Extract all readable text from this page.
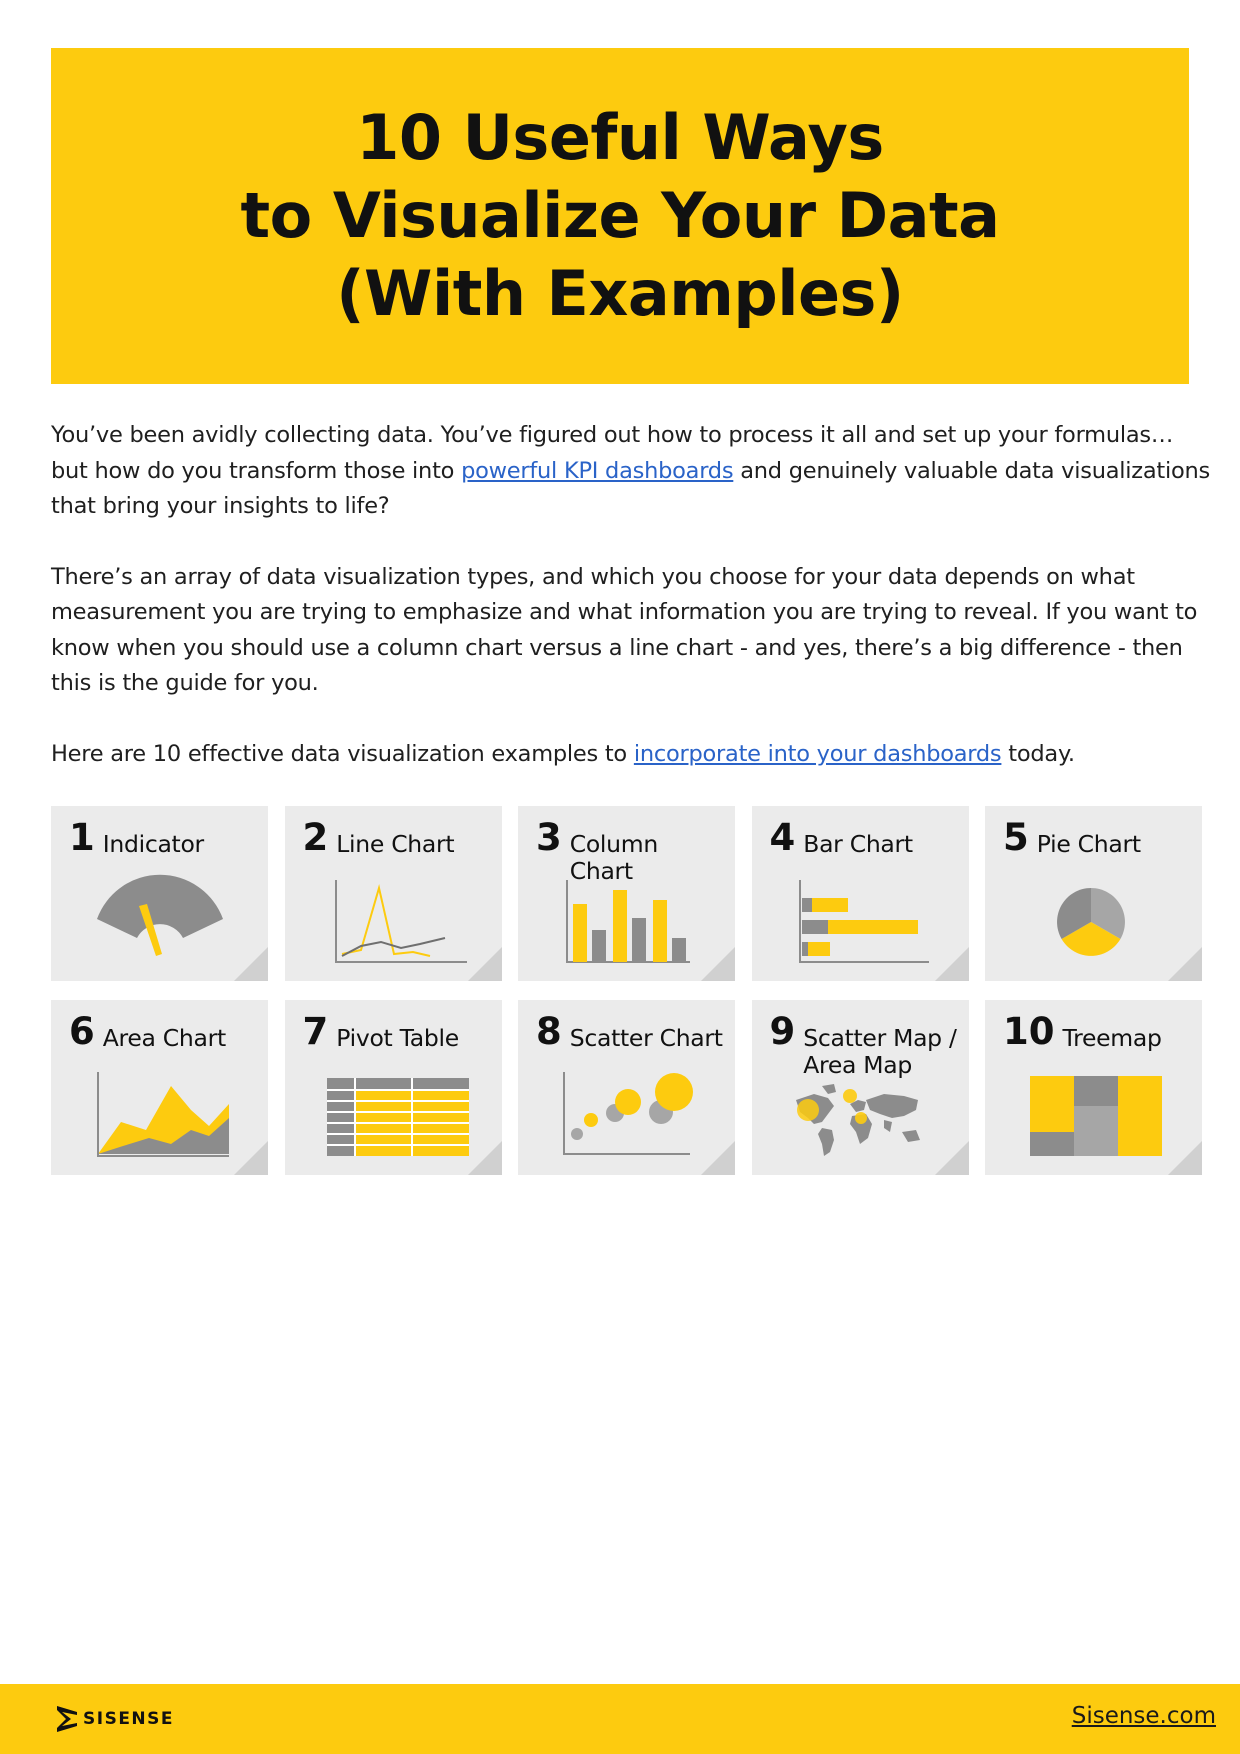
10 Useful Ways
to Visualize Your Data
(With Examples)

You’ve been avidly collecting data. You’ve figured out how to process it all and set up your formulas… but how do you transform those into powerful KPI dashboards and genuinely valuable data visualizations that bring your insights to life?

There’s an array of data visualization types, and which you choose for your data depends on what measurement you are trying to emphasize and what information you are trying to reveal. If you want to know when you should use a column chart versus a line chart - and yes, there’s a big difference - then this is the guide for you.

Here are 10 effective data visualization examples to incorporate into your dashboards today.

1 Indicator	2 Line Chart 3 Column Chart
4 Bar Chart 5 Pie Chart
6 Area Chart 7 Pivot Table 8 Scatter Chart 9 Scatter Map /
Area Map
10 Treemap
SISENSE	Sisense.com
